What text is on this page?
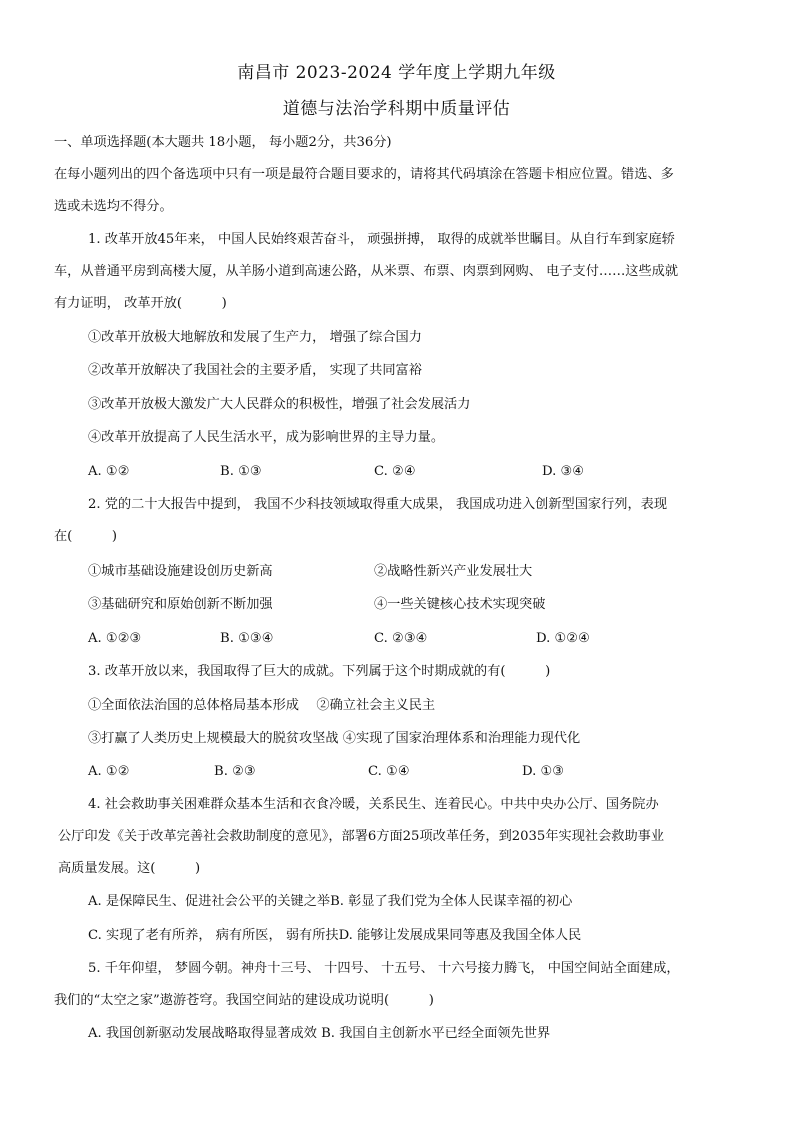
南昌市 2023-2024 学年度上学期九年级
道德与法治学科期中质量评估
一、单项选择题(本大题共 18小题， 每小题2分，共36分)
在每小题列出的四个备选项中只有一项是最符合题目要求的，请将其代码填涂在答题卡相应位置。错选、多
选或未选均不得分。
1. 改革开放45年来， 中国人民始终艰苦奋斗， 顽强拼搏， 取得的成就举世瞩目。从自行车到家庭轿
车，从普通平房到高楼大厦，从羊肠小道到高速公路，从米票、布票、肉票到网购、 电子支付……这些成就
有力证明， 改革开放(　　　)
①改革开放极大地解放和发展了生产力， 增强了综合国力
②改革开放解决了我国社会的主要矛盾， 实现了共同富裕
③改革开放极大激发广大人民群众的积极性，增强了社会发展活力
④改革开放提高了人民生活水平，成为影响世界的主导力量。
A. ①②	B. ①③	C. ②④	D. ③④
2. 党的二十大报告中提到， 我国不少科技领域取得重大成果， 我国成功进入创新型国家行列，表现
在(　　　)
①城市基础设施建设创历史新高	②战略性新兴产业发展壮大
③基础研究和原始创新不断加强	④一些关键核心技术实现突破
A. ①②③	B. ①③④	C. ②③④	D. ①②④
3. 改革开放以来，我国取得了巨大的成就。下列属于这个时期成就的有(　　　)
①全面依法治国的总体格局基本形成 　②确立社会主义民主
③打赢了人类历史上规模最大的脱贫攻坚战 ④实现了国家治理体系和治理能力现代化
A. ①②	B. ②③	C. ①④	D. ①③
4. 社会救助事关困难群众基本生活和衣食冷暖，关系民生、连着民心。中共中央办公厅、国务院办
公厅印发《关于改革完善社会救助制度的意见》，部署6方面25项改革任务，到2035年实现社会救助事业
高质量发展。这(　　　)
A. 是保障民生、促进社会公平的关键之举B. 彰显了我们党为全体人民谋幸福的初心
C. 实现了老有所养， 病有所医， 弱有所扶D. 能够让发展成果同等惠及我国全体人民
5. 千年仰望， 梦圆今朝。神舟十三号、 十四号、 十五号、 十六号接力腾飞， 中国空间站全面建成，
我们的“太空之家”遨游苍穹。我国空间站的建设成功说明(　　　)
A. 我国创新驱动发展战略取得显著成效 B. 我国自主创新水平已经全面领先世界
